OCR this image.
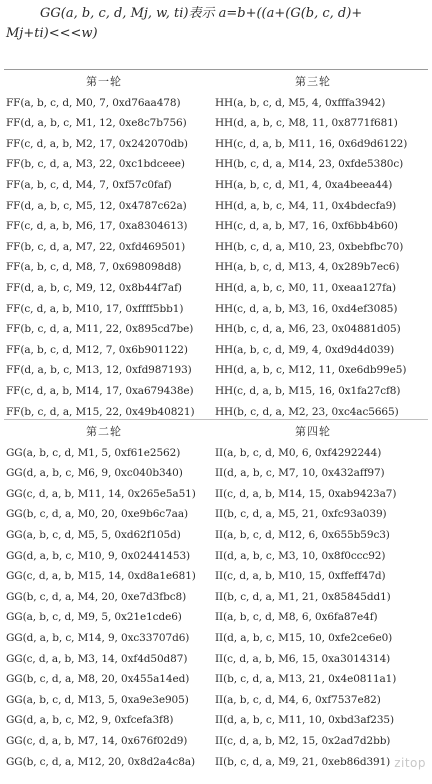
GG(a, b, c, d, Mj, w, ti)表示 a=b+((a+(G(b, c, d)+
Mj+ti)<<<w)
第一轮
FF(a, b, c, d, M0, 7, 0xd76aa478)
FF(d, a, b, c, M1, 12, 0xe8c7b756)
FF(c, d, a, b, M2, 17, 0x242070db)
FF(b, c, d, a, M3, 22, 0xc1bdceee)
FF(a, b, c, d, M4, 7, 0xf57c0faf)
FF(d, a, b, c, M5, 12, 0x4787c62a)
FF(c, d, a, b, M6, 17, 0xa8304613)
FF(b, c, d, a, M7, 22, 0xfd469501)
FF(a, b, c, d, M8, 7, 0x698098d8)
FF(d, a, b, c, M9, 12, 0x8b44f7af)
FF(c, d, a, b, M10, 17, 0xffff5bb1)
FF(b, c, d, a, M11, 22, 0x895cd7be)
FF(a, b, c, d, M12, 7, 0x6b901122)
FF(d, a, b, c, M13, 12, 0xfd987193)
FF(c, d, a, b, M14, 17, 0xa679438e)
FF(b, c, d, a, M15, 22, 0x49b40821)
第三轮
HH(a, b, c, d, M5, 4, 0xfffa3942)
HH(d, a, b, c, M8, 11, 0x8771f681)
HH(c, d, a, b, M11, 16, 0x6d9d6122)
HH(b, c, d, a, M14, 23, 0xfde5380c)
HH(a, b, c, d, M1, 4, 0xa4beea44)
HH(d, a, b, c, M4, 11, 0x4bdecfa9)
HH(c, d, a, b, M7, 16, 0xf6bb4b60)
HH(b, c, d, a, M10, 23, 0xbebfbc70)
HH(a, b, c, d, M13, 4, 0x289b7ec6)
HH(d, a, b, c, M0, 11, 0xeaa127fa)
HH(c, d, a, b, M3, 16, 0xd4ef3085)
HH(b, c, d, a, M6, 23, 0x04881d05)
HH(a, b, c, d, M9, 4, 0xd9d4d039)
HH(d, a, b, c, M12, 11, 0xe6db99e5)
HH(c, d, a, b, M15, 16, 0x1fa27cf8)
HH(b, c, d, a, M2, 23, 0xc4ac5665)
第二轮
GG(a, b, c, d, M1, 5, 0xf61e2562)
GG(d, a, b, c, M6, 9, 0xc040b340)
GG(c, d, a, b, M11, 14, 0x265e5a51)
GG(b, c, d, a, M0, 20, 0xe9b6c7aa)
GG(a, b, c, d, M5, 5, 0xd62f105d)
GG(d, a, b, c, M10, 9, 0x02441453)
GG(c, d, a, b, M15, 14, 0xd8a1e681)
GG(b, c, d, a, M4, 20, 0xe7d3fbc8)
GG(a, b, c, d, M9, 5, 0x21e1cde6)
GG(d, a, b, c, M14, 9, 0xc33707d6)
GG(c, d, a, b, M3, 14, 0xf4d50d87)
GG(b, c, d, a, M8, 20, 0x455a14ed)
GG(a, b, c, d, M13, 5, 0xa9e3e905)
GG(d, a, b, c, M2, 9, 0xfcefa3f8)
GG(c, d, a, b, M7, 14, 0x676f02d9)
GG(b, c, d, a, M12, 20, 0x8d2a4c8a)
第四轮
II(a, b, c, d, M0, 6, 0xf4292244)
II(d, a, b, c, M7, 10, 0x432aff97)
II(c, d, a, b, M14, 15, 0xab9423a7)
II(b, c, d, a, M5, 21, 0xfc93a039)
II(a, b, c, d, M12, 6, 0x655b59c3)
II(d, a, b, c, M3, 10, 0x8f0ccc92)
II(c, d, a, b, M10, 15, 0xffeff47d)
II(b, c, d, a, M1, 21, 0x85845dd1)
II(a, b, c, d, M8, 6, 0x6fa87e4f)
II(d, a, b, c, M15, 10, 0xfe2ce6e0)
II(c, d, a, b, M6, 15, 0xa3014314)
II(b, c, d, a, M13, 21, 0x4e0811a1)
II(a, b, c, d, M4, 6, 0xf7537e82)
II(d, a, b, c, M11, 10, 0xbd3af235)
II(c, d, a, b, M2, 15, 0x2ad7d2bb)
II(b, c, d, a, M9, 21, 0xeb86d391) zitop
